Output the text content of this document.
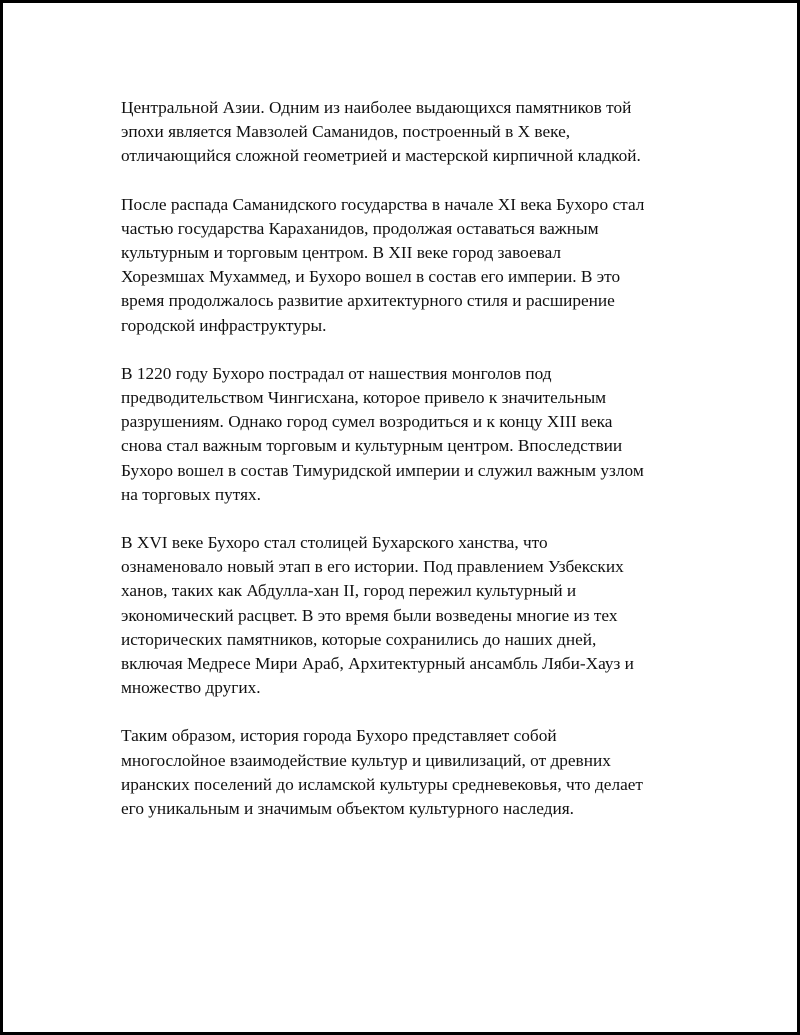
Центральной Азии. Одним из наиболее выдающихся памятников той
эпохи является Мавзолей Саманидов, построенный в X веке,
отличающийся сложной геометрией и мастерской кирпичной кладкой.

После распада Саманидского государства в начале XI века Бухоро стал
частью государства Караханидов, продолжая оставаться важным
культурным и торговым центром. В XII веке город завоевал
Хорезмшах Мухаммед, и Бухоро вошел в состав его империи. В это
время продолжалось развитие архитектурного стиля и расширение
городской инфраструктуры.

В 1220 году Бухоро пострадал от нашествия монголов под
предводительством Чингисхана, которое привело к значительным
разрушениям. Однако город сумел возродиться и к концу XIII века
снова стал важным торговым и культурным центром. Впоследствии
Бухоро вошел в состав Тимуридской империи и служил важным узлом
на торговых путях.

В XVI веке Бухоро стал столицей Бухарского ханства, что
ознаменовало новый этап в его истории. Под правлением Узбекских
ханов, таких как Абдулла-хан II, город пережил культурный и
экономический расцвет. В это время были возведены многие из тех
исторических памятников, которые сохранились до наших дней,
включая Медресе Мири Араб, Архитектурный ансамбль Ляби-Хауз и
множество других.

Таким образом, история города Бухоро представляет собой
многослойное взаимодействие культур и цивилизаций, от древних
иранских поселений до исламской культуры средневековья, что делает
его уникальным и значимым объектом культурного наследия.
